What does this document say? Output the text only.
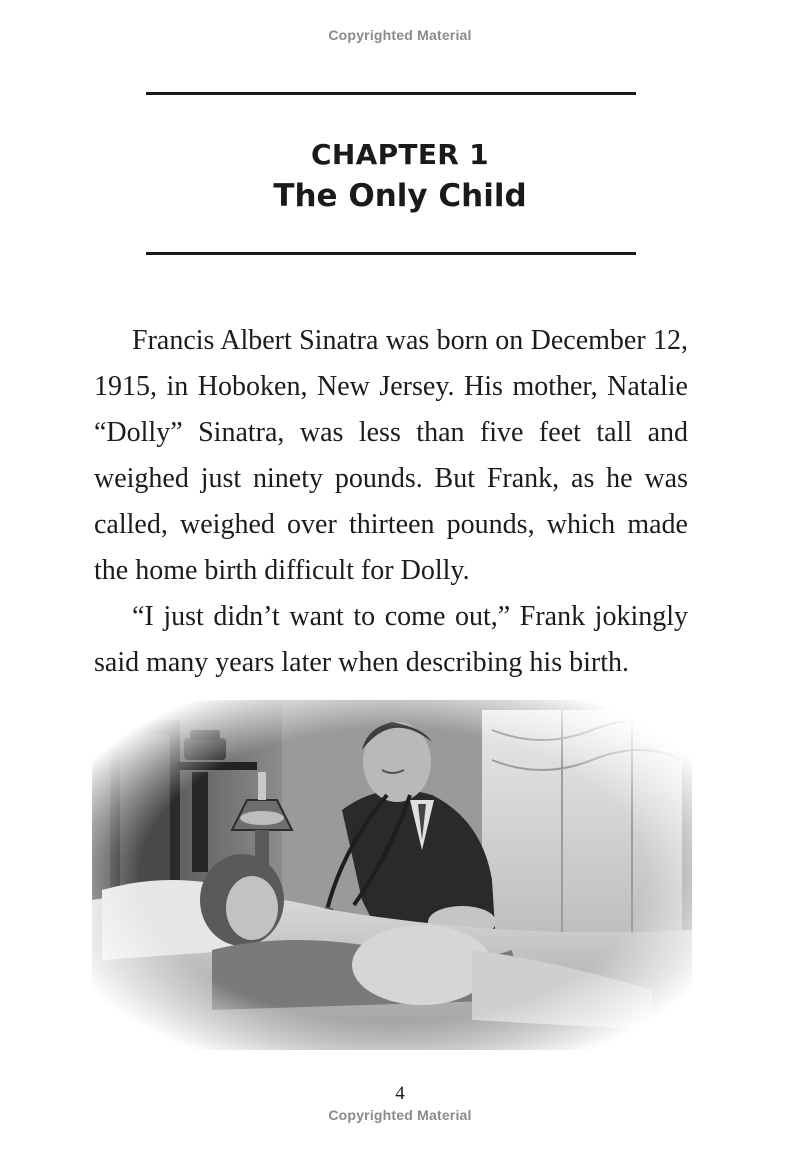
Copyrighted Material
CHAPTER 1
The Only Child

Francis Albert Sinatra was born on December 12, 1915, in Hoboken, New Jersey. His mother, Natalie “Dolly” Sinatra, was less than five feet tall and weighed just ninety pounds. But Frank, as he was called, weighed over thirteen pounds, which made the home birth difficult for Dolly.

“I just didn’t want to come out,” Frank jokingly said many years later when describing his birth.

4
Copyrighted Material
